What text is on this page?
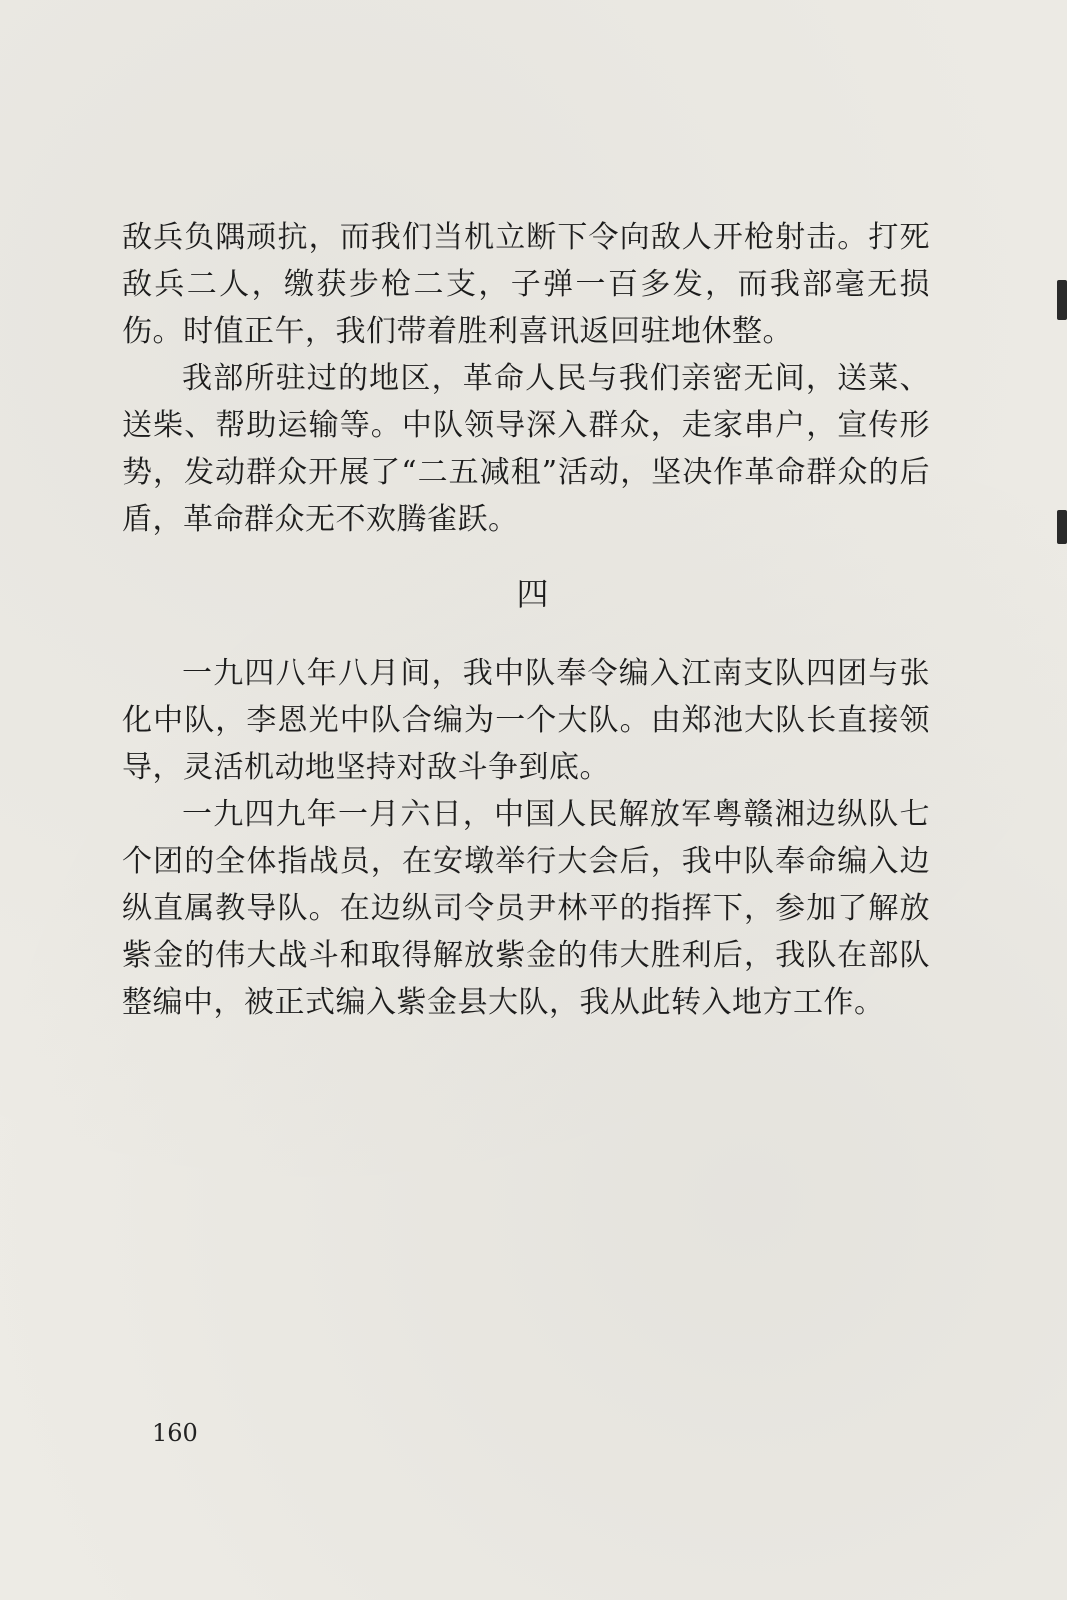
敌兵负隅顽抗，而我们当机立断下令向敌人开枪射击。打死敌兵二人，缴获步枪二支，子弹一百多发，而我部毫无损伤。时值正午，我们带着胜利喜讯返回驻地休整。

我部所驻过的地区，革命人民与我们亲密无间，送菜、送柴、帮助运输等。中队领导深入群众，走家串户，宣传形势，发动群众开展了“二五减租”活动，坚决作革命群众的后盾，革命群众无不欢腾雀跃。

四

一九四八年八月间，我中队奉令编入江南支队四团与张化中队，李恩光中队合编为一个大队。由郑池大队长直接领导，灵活机动地坚持对敌斗争到底。

一九四九年一月六日，中国人民解放军粤赣湘边纵队七个团的全体指战员，在安墩举行大会后，我中队奉命编入边纵直属教导队。在边纵司令员尹林平的指挥下，参加了解放紫金的伟大战斗和取得解放紫金的伟大胜利后，我队在部队整编中，被正式编入紫金县大队，我从此转入地方工作。

160
